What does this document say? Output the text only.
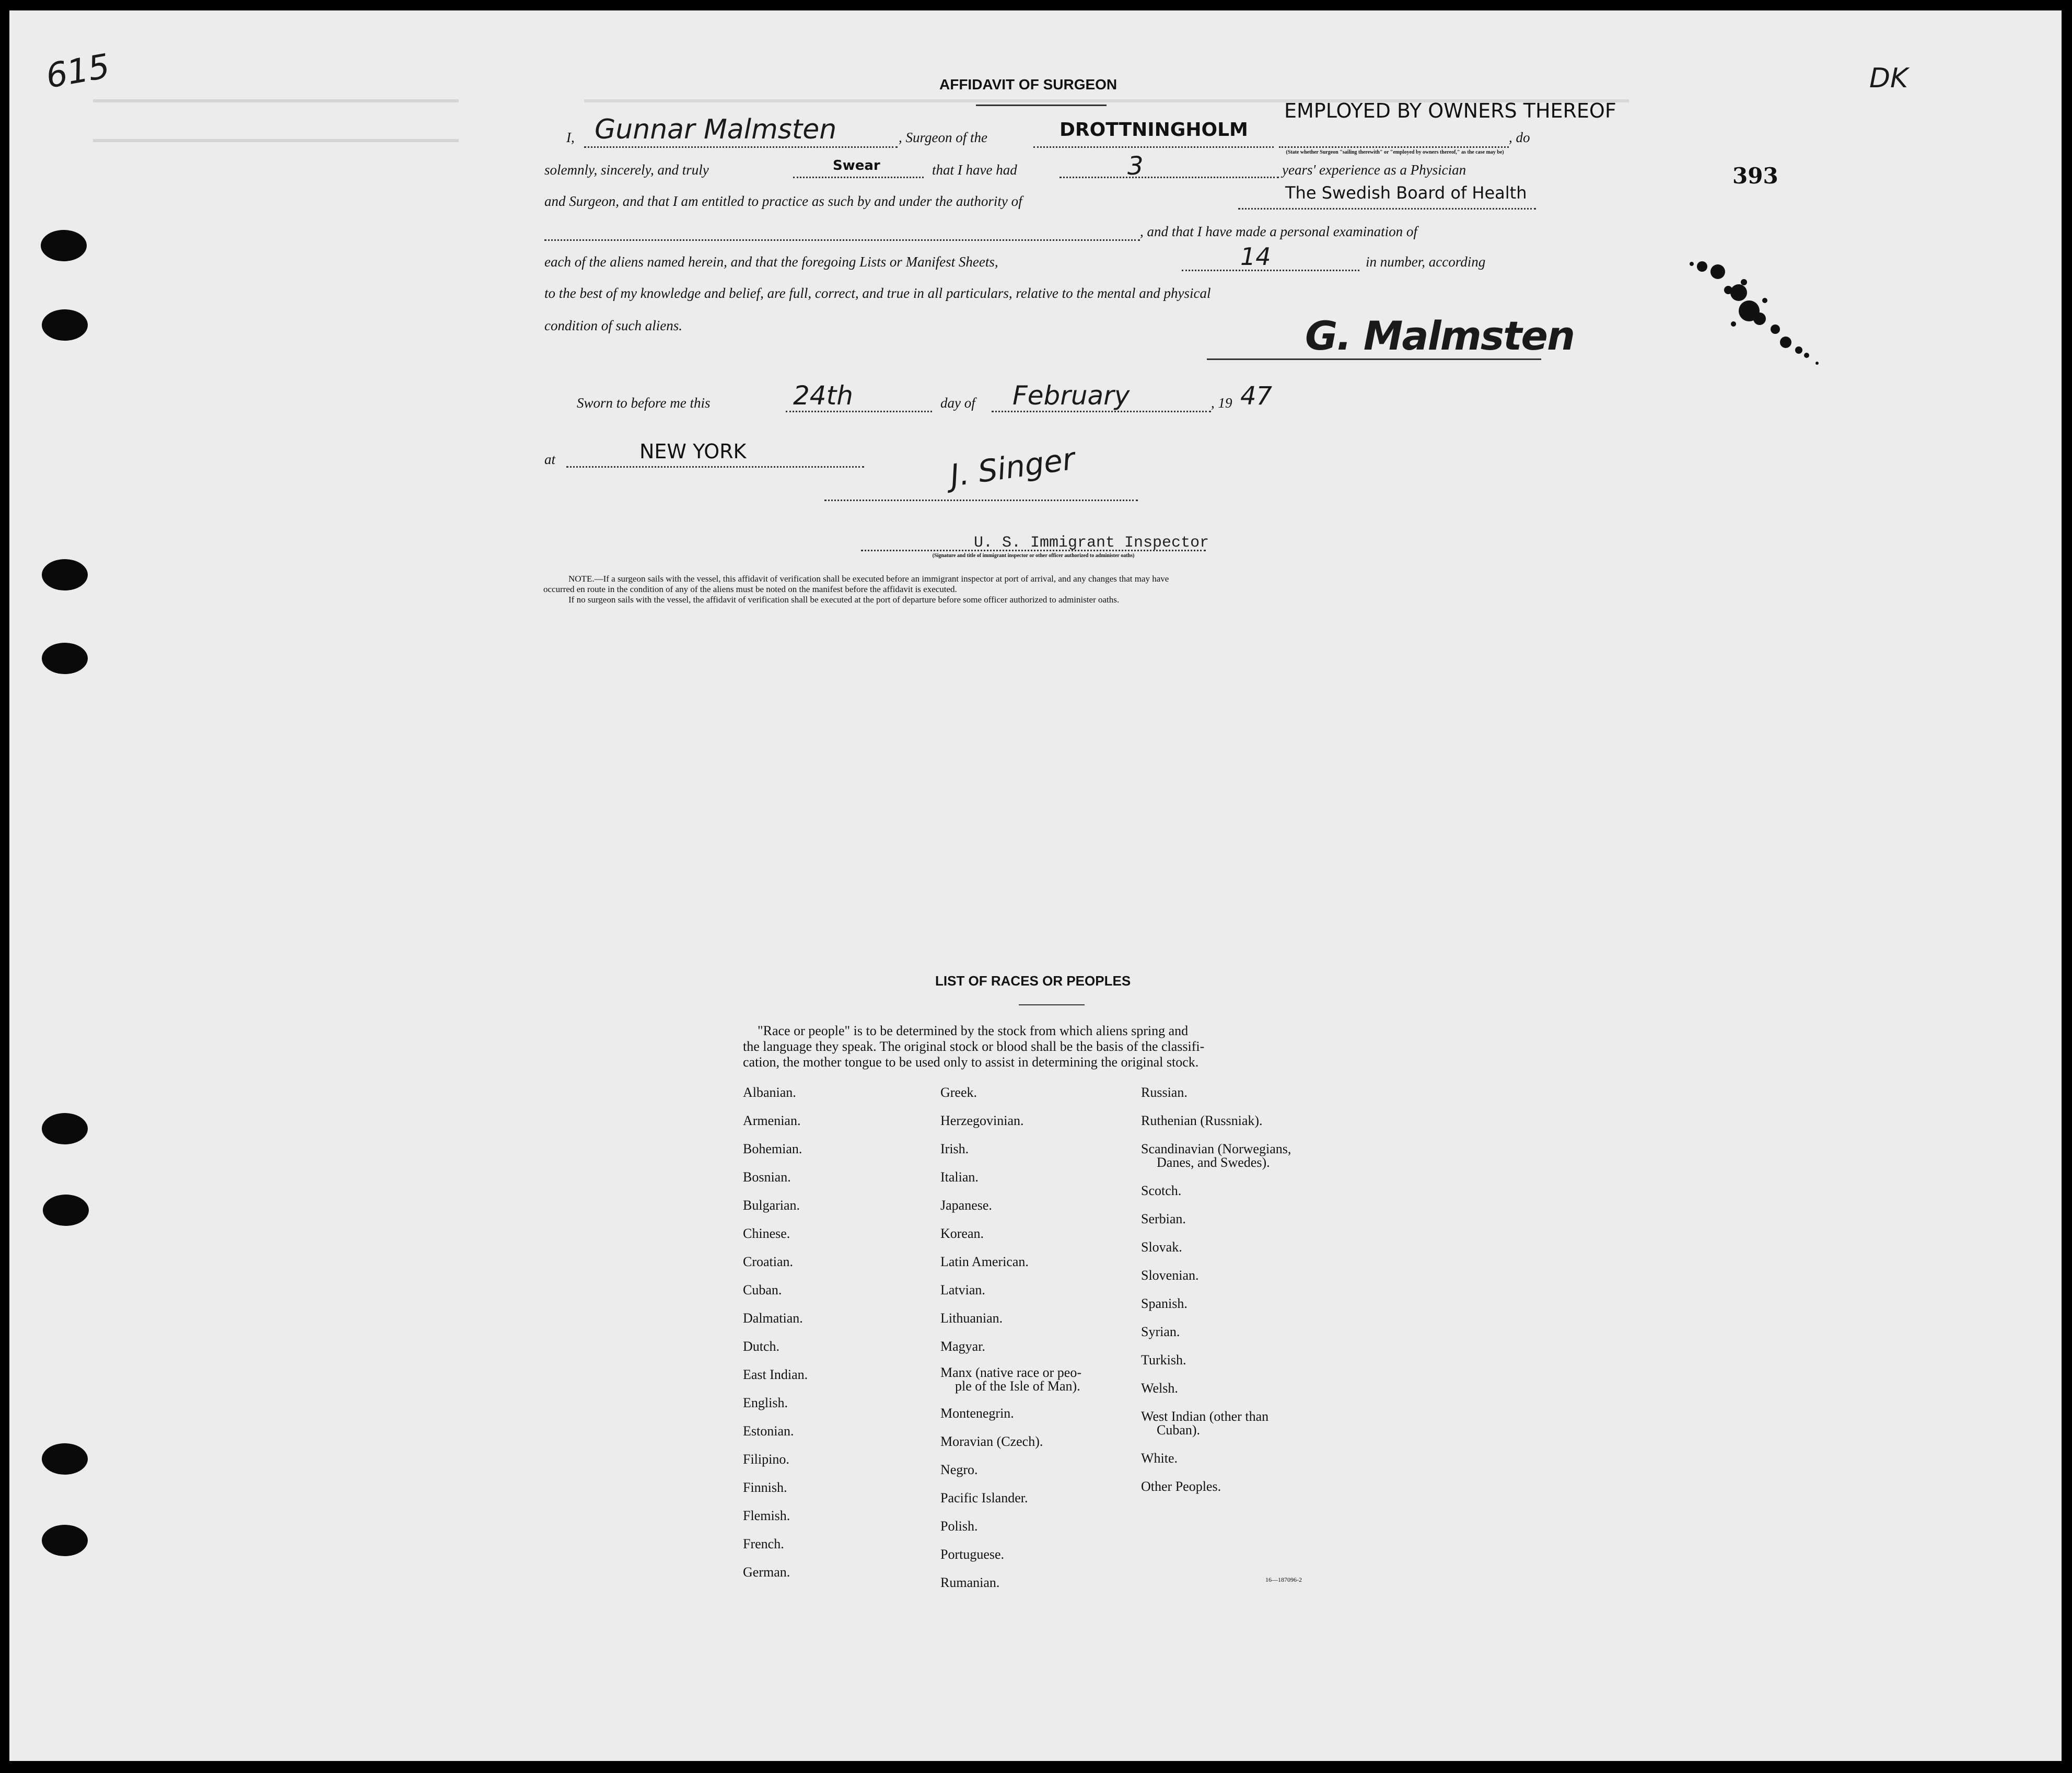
615	DK
393
AFFIDAVIT OF SURGEON
EMPLOYED BY OWNERS THEREOF
I, Gunnar Malmsten	, Surgeon of the	DROTTNINGHOLM	, do
(State whether Surgeon "sailing therewith" or "employed by owners thereof," as the case may be)
solemnly, sincerely, and truly	Swear	that I have had	3	years' experience as a Physician
and Surgeon, and that I am entitled to practice as such by and under the authority of	The Swedish Board of Health
, and that I have made a personal examination of
each of the aliens named herein, and that the foregoing Lists or Manifest Sheets,	14	in number, according
to the best of my knowledge and belief, are full, correct, and true in all particulars, relative to the mental and physical
condition of such aliens.	G. Malmsten
Sworn to before me this	24th	day of February	, 19 47
at	NEW YORK	J. Singer
U. S. Immigrant Inspector
(Signature and title of immigrant inspector or other officer authorized to administer oaths)
NOTE.—If a surgeon sails with the vessel, this affidavit of verification shall be executed before an immigrant inspector at port of arrival, and any changes that may have
occurred en route in the condition of any of the aliens must be noted on the manifest before the affidavit is executed.
If no surgeon sails with the vessel, the affidavit of verification shall be executed at the port of departure before some officer authorized to administer oaths.
LIST OF RACES OR PEOPLES
"Race or people" is to be determined by the stock from which aliens spring and
the language they speak. The original stock or blood shall be the basis of the classifi-
cation, the mother tongue to be used only to assist in determining the original stock.
Albanian.
Armenian.
Bohemian.
Bosnian.
Bulgarian.
Chinese.
Croatian.
Cuban.
Dalmatian.
Dutch.
East Indian.
English.
Estonian.
Filipino.
Finnish.
Flemish.
French.
German.
Greek.
Herzegovinian.
Irish.
Italian.
Japanese.
Korean.
Latin American.
Latvian.
Lithuanian.
Magyar.
Manx (native race or peo-
ple of the Isle of Man).
Montenegrin.
Moravian (Czech).
Negro.
Pacific Islander.
Polish.
Portuguese.
Rumanian.
Russian.
Ruthenian (Russniak).
Scandinavian (Norwegians,
Danes, and Swedes).
Scotch.
Serbian.
Slovak.
Slovenian.
Spanish.
Syrian.
Turkish.
Welsh.
West Indian (other than
Cuban).
White.
Other Peoples.
16—187096-2
